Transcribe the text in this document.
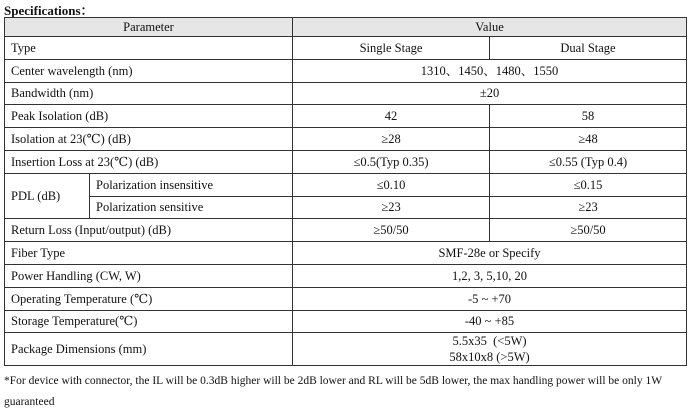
Specifications：
Parameter		Value	
Type		Single Stage	Dual Stage
Center wavelength (nm)		1310、1450、1480、1550	
Bandwidth (nm)		±20	
Peak Isolation (dB)		42	58
Isolation at 23(℃) (dB)		≥28	≥48
Insertion Loss at 23(℃) (dB)		≤0.5(Typ 0.35)	≤0.55 (Typ 0.4)
PDL (dB)	Polarization insensitive	≤0.10	≤0.15
	Polarization sensitive	≥23	≥23
Return Loss (Input/output) (dB)		≥50/50	≥50/50
Fiber Type		SMF-28e or Specify	
Power Handling (CW, W)		1,2, 3, 5,10, 20	
Operating Temperature (℃)		-5 ~ +70	
Storage Temperature(℃)		-40 ~ +85	
Package Dimensions (mm)		5.5x35  (<5W)
58x10x8 (>5W)	
*For device with connector, the IL will be 0.3dB higher will be 2dB lower and RL will be 5dB lower, the max handling power will be only 1W guaranteed
